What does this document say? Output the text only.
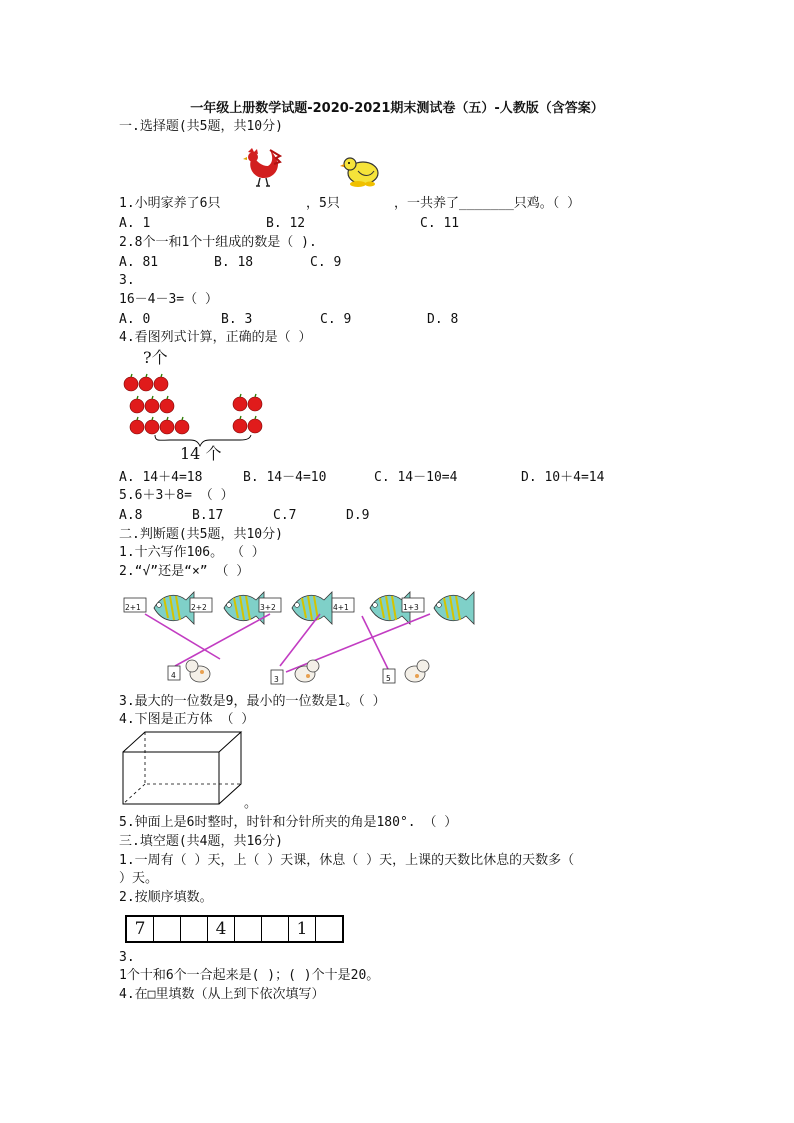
一年级上册数学试题-2020-2021期末测试卷（五）-人教版（含答案）
一.选择题(共5题，共10分)
1.小明家养了6只	，5只	，一共养了_______只鸡。（ ）
A. 1	B. 12	C. 11
2.8个一和1个十组成的数是（ ).
A. 81	B. 18	C. 9
3.
16－4－3=（ ）
A. 0	B. 3	C. 9	D. 8
4.看图列式计算，正确的是（ ）
?个
14 个
A. 14＋4=18	B. 14－4=10	C. 14－10=4	D. 10＋4=14
5.6＋3＋8= （ ）
A.8	B.17	C.7	D.9
二.判断题(共5题，共10分)
1.十六写作106。 （ ）
2.“√”还是“×” （ ）
2+1	2+2	3+2	4+1	1+3
4	3	5
3.最大的一位数是9，最小的一位数是1。（ ）
4.下图是正方体 （ ）
。
5.钟面上是6时整时，时针和分针所夹的角是180°. （ ）
三.填空题(共4题，共16分)
1.一周有（ ）天，上（ ）天课，休息（ ）天，上课的天数比休息的天数多（
）天。
2.按顺序填数。
7	4	1
3.
1个十和6个一合起来是( )；( )个十是20。
4.在□里填数（从上到下依次填写）
